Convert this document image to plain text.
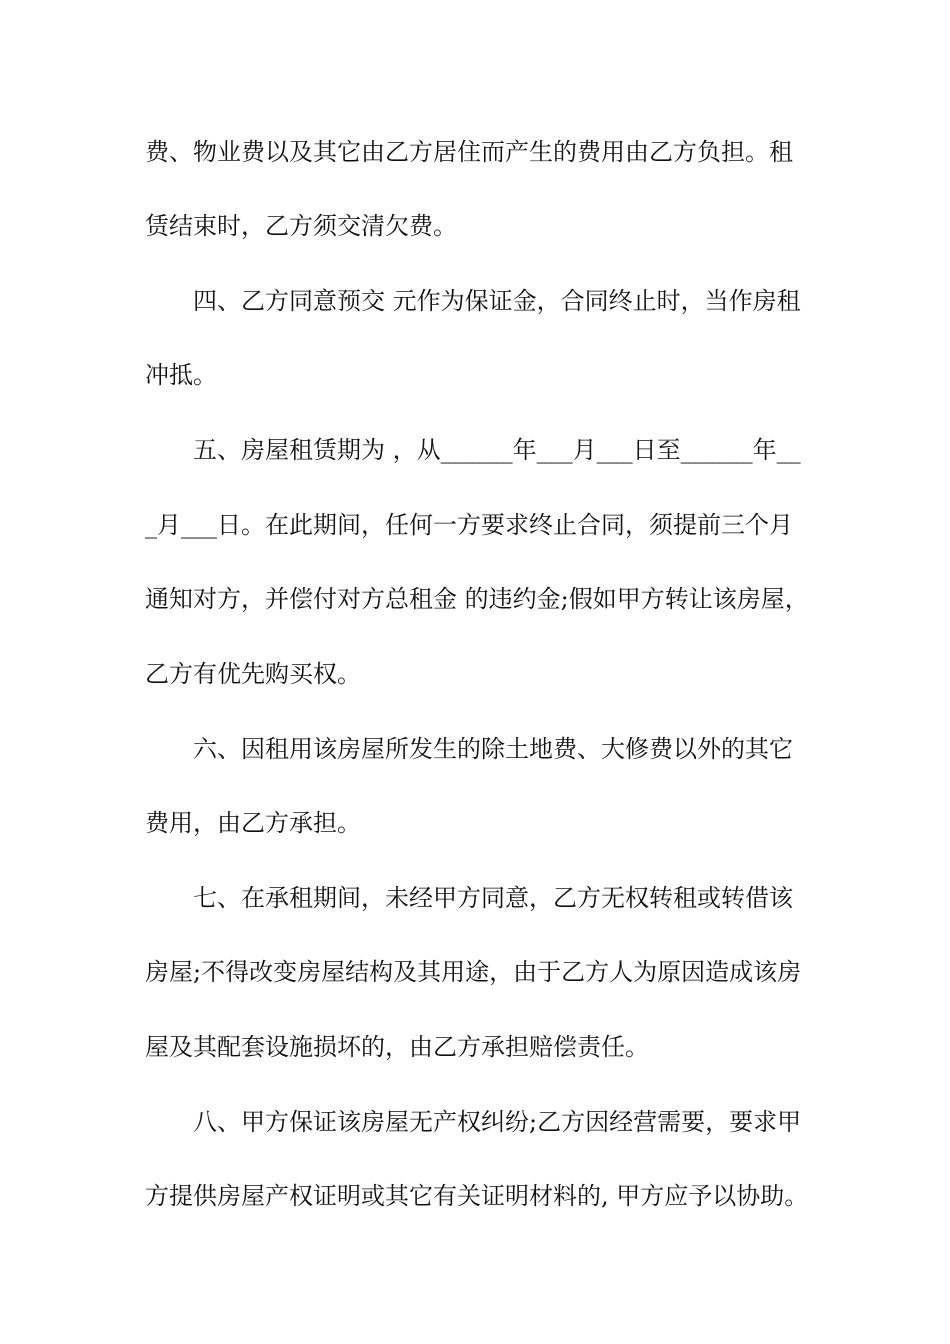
费、物业费以及其它由乙方居住而产生的费用由乙方负担。租
赁结束时，乙方须交清欠费。
四、乙方同意预交 元作为保证金，合同终止时，当作房租
冲抵。
五、房屋租赁期为 ，从______年___月___日至______年__
_月___日。在此期间，任何一方要求终止合同，须提前三个月
通知对方，并偿付对方总租金 的违约金;假如甲方转让该房屋，
乙方有优先购买权。
六、因租用该房屋所发生的除土地费、大修费以外的其它
费用，由乙方承担。
七、在承租期间，未经甲方同意，乙方无权转租或转借该
房屋;不得改变房屋结构及其用途，由于乙方人为原因造成该房
屋及其配套设施损坏的，由乙方承担赔偿责任。
八、甲方保证该房屋无产权纠纷;乙方因经营需要，要求甲
方提供房屋产权证明或其它有关证明材料的, 甲方应予以协助。
